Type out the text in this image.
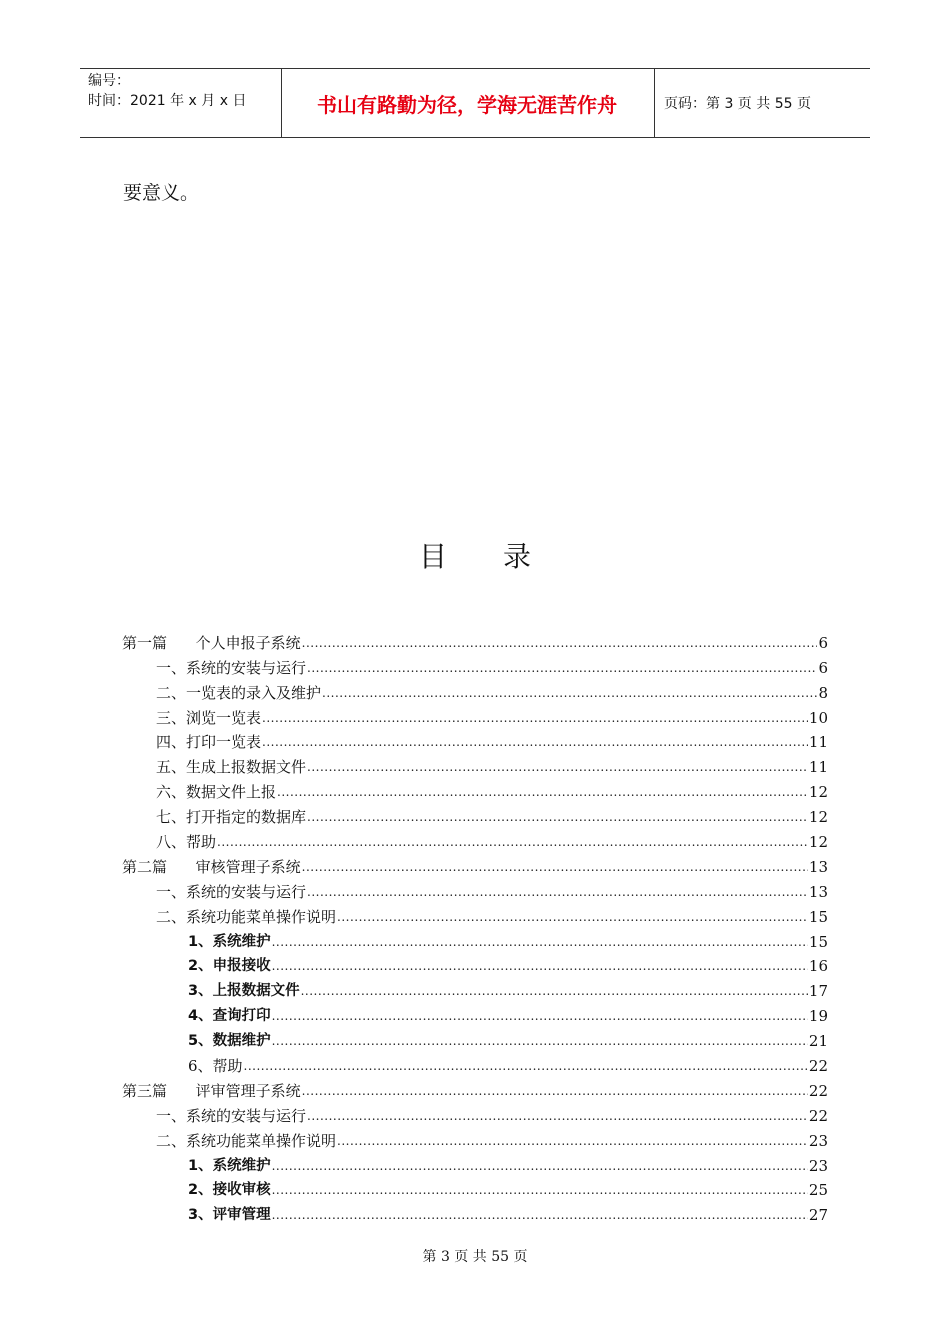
编号：
时间：2021 年 x 月 x 日	书山有路勤为径，学海无涯苦作舟	页码：第 3 页 共 55 页
要意义。
目录
第一篇      个人申报子系统 .....	6
一、系统的安装与运行 .....	6
二、一览表的录入及维护 .....	8
三、浏览一览表 .....	10
四、打印一览表 .....	11
五、生成上报数据文件 .....	11
六、数据文件上报 .....	12
七、打开指定的数据库 .....	12
八、帮助 .....	12
第二篇      审核管理子系统 .....	13
一、系统的安装与运行 .....	13
二、系统功能菜单操作说明 .....	15
1、系统维护 .....	15
2、申报接收 .....	16
3、上报数据文件 .....	17
4、查询打印 .....	19
5、数据维护 .....	21
6、帮助 .....	22
第三篇      评审管理子系统 .....	22
一、系统的安装与运行 .....	22
二、系统功能菜单操作说明 .....	23
1、系统维护 .....	23
2、接收审核 .....	25
3、评审管理 .....	27
第 3 页 共 55 页
